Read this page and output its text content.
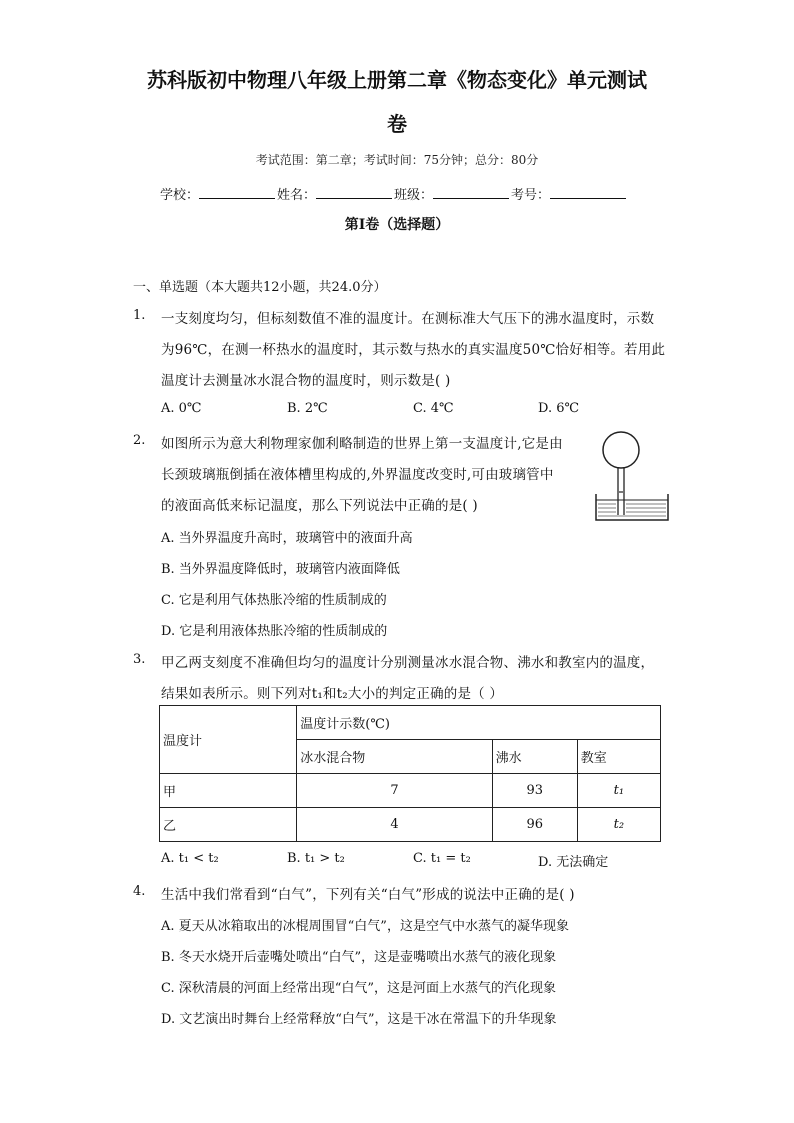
苏科版初中物理八年级上册第二章《物态变化》单元测试
卷
考试范围：第二章；考试时间：75分钟；总分：80分
学校：	姓名：	班级：	考号：
第I卷（选择题）
一、单选题（本大题共12小题，共24.0分）
1. 一支刻度均匀，但标刻数值不准的温度计。在测标准大气压下的沸水温度时，示数
为96℃，在测一杯热水的温度时，其示数与热水的真实温度50℃恰好相等。若用此
温度计去测量冰水混合物的温度时，则示数是( )
A. 0℃	B. 2℃	C. 4℃	D. 6℃
2. 如图所示为意大利物理家伽利略制造的世界上第一支温度计,它是由
长颈玻璃瓶倒插在液体槽里构成的,外界温度改变时,可由玻璃管中
的液面高低来标记温度，那么下列说法中正确的是( )
A. 当外界温度升高时，玻璃管中的液面升高
B. 当外界温度降低时，玻璃管内液面降低
C. 它是利用气体热胀冷缩的性质制成的
D. 它是利用液体热胀冷缩的性质制成的
3. 甲乙两支刻度不准确但均匀的温度计分别测量冰水混合物、沸水和教室内的温度，
结果如表所示。则下列对t₁和t₂大小的判定正确的是（ ）
温度计	温度计示数(℃)		
	冰水混合物	沸水	教室
甲	7	93	t₁
乙	4	96	t₂
A. t₁ < t₂	B. t₁ > t₂	C. t₁ = t₂	D. 无法确定
4. 生活中我们常看到“白气”，下列有关“白气”形成的说法中正确的是( )
A. 夏天从冰箱取出的冰棍周围冒“白气”，这是空气中水蒸气的凝华现象
B. 冬天水烧开后壶嘴处喷出“白气”，这是壶嘴喷出水蒸气的液化现象
C. 深秋清晨的河面上经常出现“白气”，这是河面上水蒸气的汽化现象
D. 文艺演出时舞台上经常释放“白气”，这是干冰在常温下的升华现象
